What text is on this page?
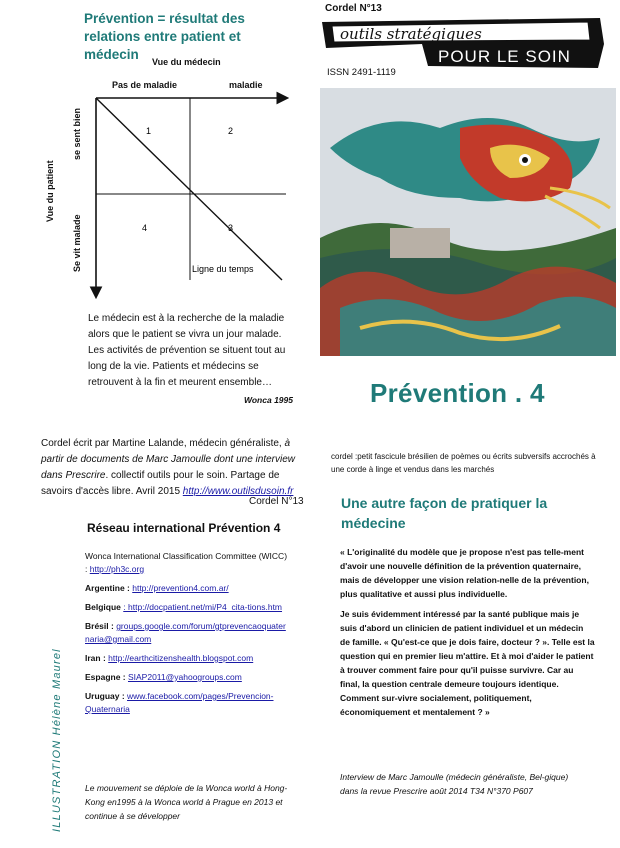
Prévention = résultat des relations entre patient et médecin	Vue du médecin
Pas de maladie	maladie
Vue du patient
se sent bien
Se vit malade
1	2
4	3
Ligne du temps
Le médecin est à la recherche de la maladie alors que le patient se vivra un jour malade. Les activités de prévention se situent tout au long de la vie. Patients et médecins se retrouvent à la fin et meurent ensemble…
Wonca 1995
Cordel N°13
outils stratégiques
POUR LE SOIN
ISSN 2491-1119
Prévention . 4
Cordel écrit par Martine Lalande, médecin généraliste, à partir de documents de Marc Jamoulle dont une interview dans Prescrire. collectif outils pour le soin. Partage de savoirs d'accès libre. Avril 2015 http://www.outilsdusoin.fr
Cordel N°13
Réseau international Prévention 4
Wonca International Classification Committee (WICC) : http://ph3c.org
Argentine : http://prevention4.com.ar/
Belgique : http://docpatient.net/mi/P4_cita-tions.htm
Brésil : groups.google.com/forum/gtprevencaoquaternaria@gmail.com
Iran : http://earthcitizenshealth.blogspot.com
Espagne : SIAP2011@yahoogroups.com
Uruguay : www.facebook.com/pages/Prevencion-Quaternaria
Le mouvement se déploie de la Wonca world à Hong-Kong en1995 à la Wonca world à Prague en 2013 et continue à se développer
ILLUSTRATION Hélène Maurel
cordel :petit fascicule brésilien de poèmes ou écrits subversifs accrochés à une corde à linge et vendus dans les marchés
Une autre façon de pratiquer la médecine

« L'originalité du modèle que je propose n'est pas telle-ment d'avoir une nouvelle définition de la prévention quaternaire, mais de développer une vision relation-nelle de la prévention, plus qualitative et aussi plus individuelle.

Je suis évidemment intéressé par la santé publique mais je suis d'abord un clinicien de patient individuel et un médecin de famille. « Qu'est-ce que je dois faire, docteur ? ». Telle est la question qui en premier lieu m'attire. Et à moi d'aider le patient à trouver comment faire pour qu'il puisse survivre. Car au final, la question centrale demeure toujours identique. Comment sur-vivre socialement, politiquement, économiquement et mentalement ? »

Interview de Marc Jamoulle (médecin généraliste, Bel-gique) dans la revue Prescrire août 2014 T34 N°370 P607
